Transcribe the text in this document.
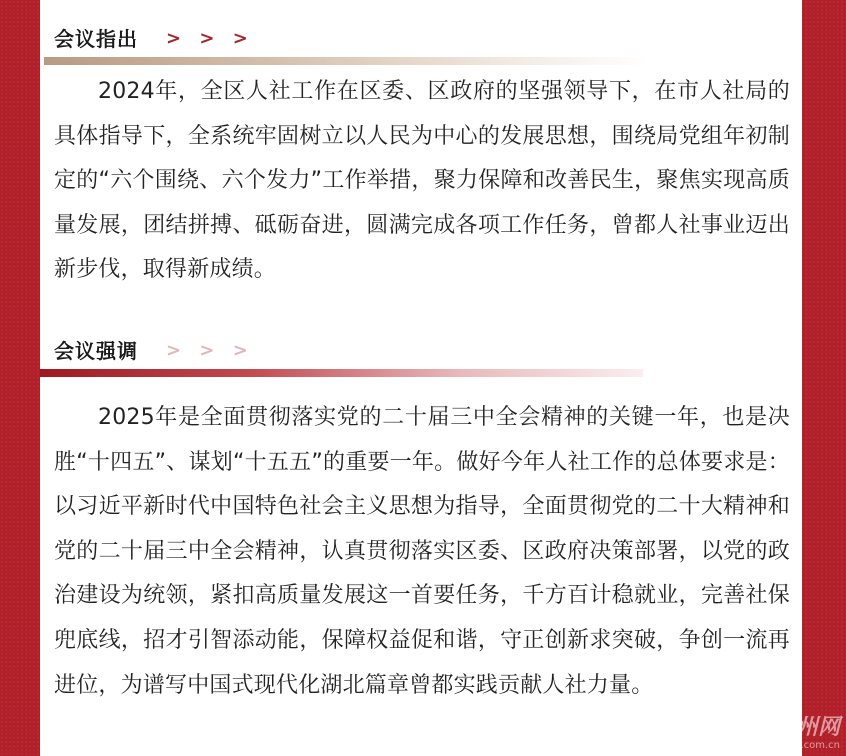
会议指出 > > >

2024年，全区人社工作在区委、区政府的坚强领导下，在市人社局的具体指导下，全系统牢固树立以人民为中心的发展思想，围绕局党组年初制定的“六个围绕、六个发力”工作举措，聚力保障和改善民生，聚焦实现高质量发展，团结拼搏、砥砺奋进，圆满完成各项工作任务，曾都人社事业迈出新步伐，取得新成绩。

会议强调 > > >

2025年是全面贯彻落实党的二十届三中全会精神的关键一年，也是决胜“十四五”、谋划“十五五”的重要一年。做好今年人社工作的总体要求是：以习近平新时代中国特色社会主义思想为指导，全面贯彻党的二十大精神和党的二十届三中全会精神，认真贯彻落实区委、区政府决策部署，以党的政治建设为统领，紧扣高质量发展这一首要任务，千方百计稳就业，完善社保兜底线，招才引智添动能，保障权益促和谐，守正创新求突破，争创一流再进位，为谱写中国式现代化湖北篇章曾都实践贡献人社力量。

荆州网
www.jznews.com.cn
